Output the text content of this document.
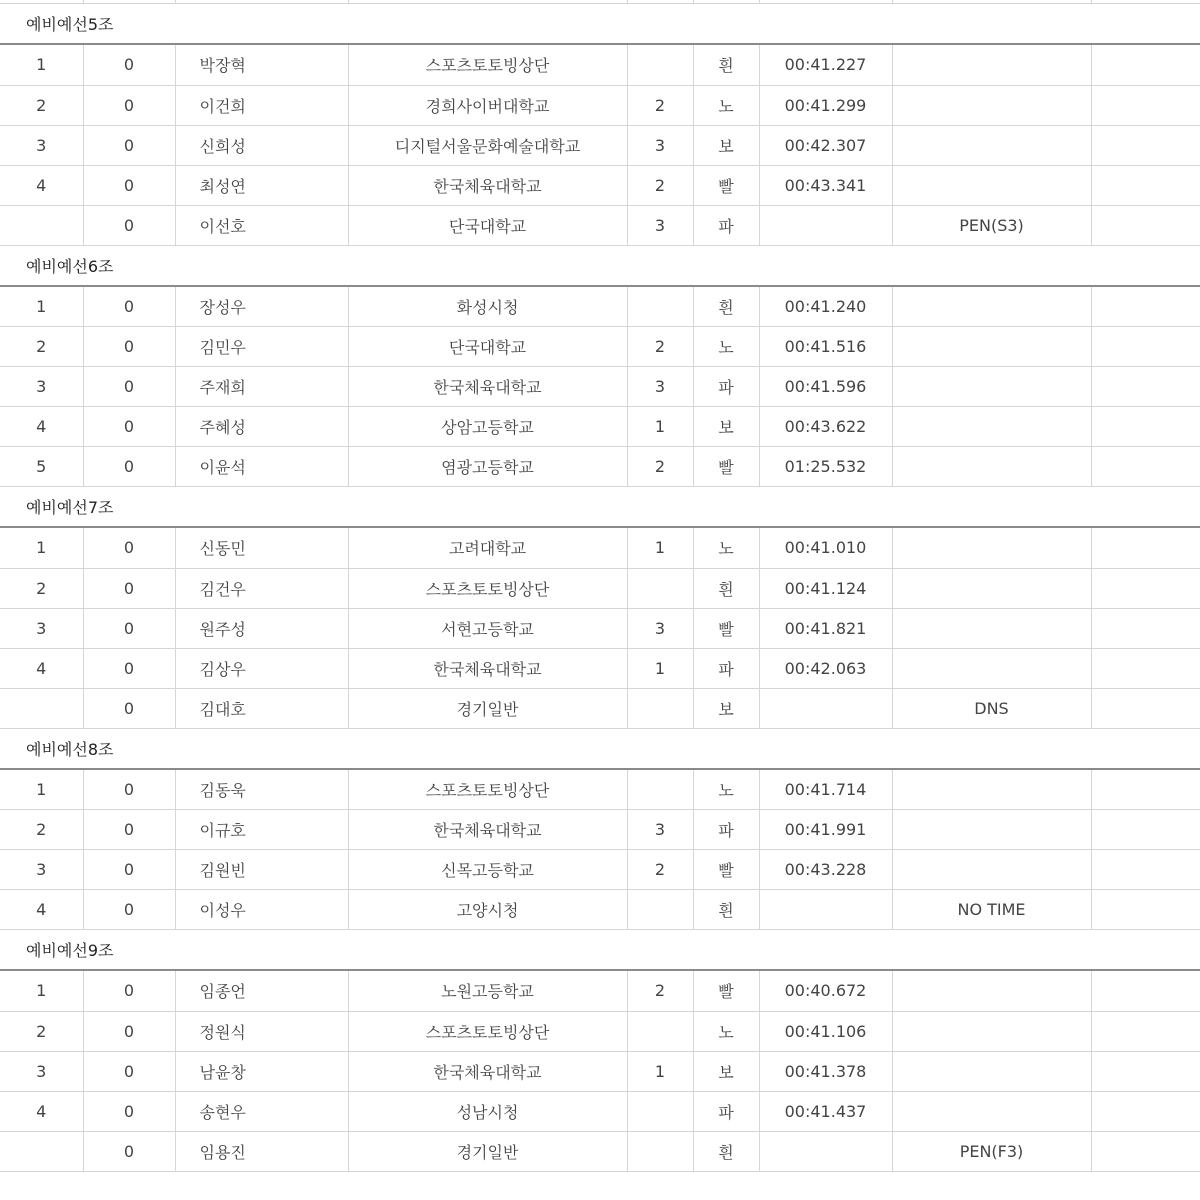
예비예선5조
1	0	박장혁	스포츠토토빙상단		흰	00:41.227		
2	0	이건희	경희사이버대학교	2	노	00:41.299		
3	0	신희성	디지털서울문화예술대학교	3	보	00:42.307		
4	0	최성연	한국체육대학교	2	빨	00:43.341		
	0	이선호	단국대학교	3	파		PEN(S3)	
예비예선6조
1	0	장성우	화성시청		흰	00:41.240		
2	0	김민우	단국대학교	2	노	00:41.516		
3	0	주재희	한국체육대학교	3	파	00:41.596		
4	0	주혜성	상암고등학교	1	보	00:43.622		
5	0	이윤석	염광고등학교	2	빨	01:25.532		
예비예선7조
1	0	신동민	고려대학교	1	노	00:41.010		
2	0	김건우	스포츠토토빙상단		흰	00:41.124		
3	0	원주성	서현고등학교	3	빨	00:41.821		
4	0	김상우	한국체육대학교	1	파	00:42.063		
	0	김대호	경기일반		보		DNS	
예비예선8조
1	0	김동욱	스포츠토토빙상단		노	00:41.714		
2	0	이규호	한국체육대학교	3	파	00:41.991		
3	0	김원빈	신목고등학교	2	빨	00:43.228		
4	0	이성우	고양시청		흰		NO TIME	
예비예선9조
1	0	임종언	노원고등학교	2	빨	00:40.672		
2	0	정원식	스포츠토토빙상단		노	00:41.106		
3	0	남윤창	한국체육대학교	1	보	00:41.378		
4	0	송현우	성남시청		파	00:41.437		
	0	임용진	경기일반		흰		PEN(F3)	
